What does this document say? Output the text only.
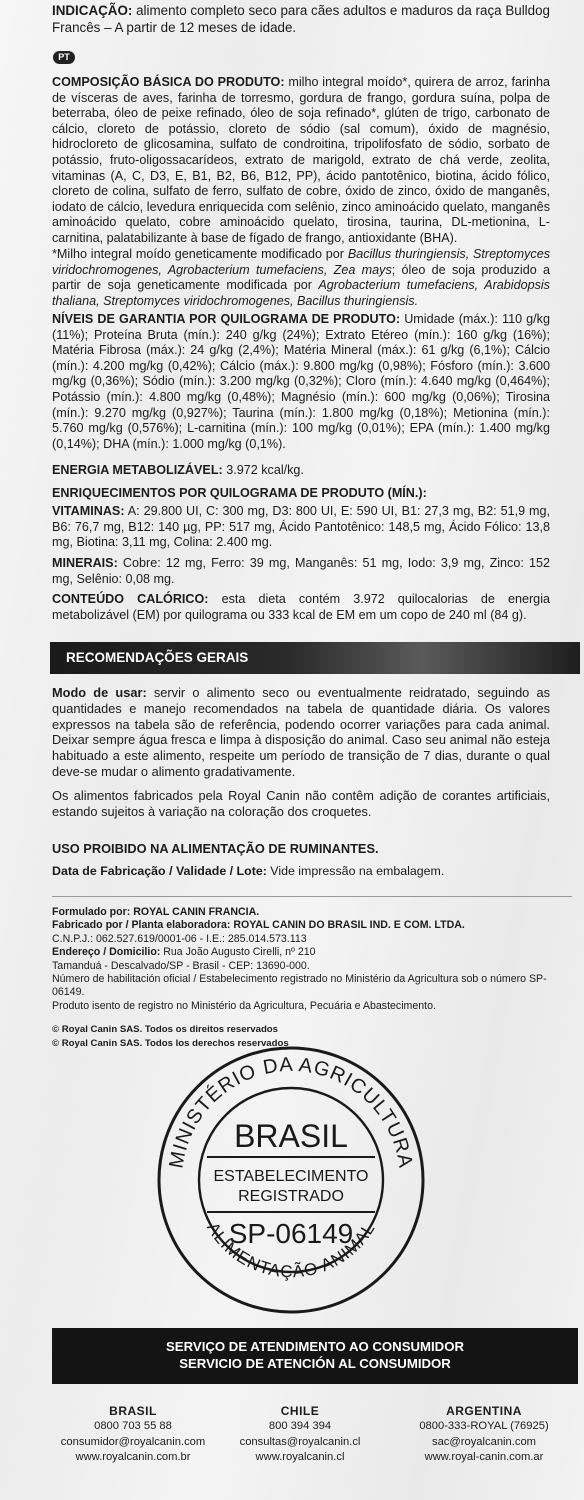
INDICAÇÃO: alimento completo seco para cães adultos e maduros da raça Bulldog Francês – A partir de 12 meses de idade.
PT
COMPOSIÇÃO BÁSICA DO PRODUTO: milho integral moído*, quirera de arroz, farinha de vísceras de aves, farinha de torresmo, gordura de frango, gordura suína, polpa de beterraba, óleo de peixe refinado, óleo de soja refinado*, glúten de trigo, carbonato de cálcio, cloreto de potássio, cloreto de sódio (sal comum), óxido de magnésio, hidrocloreto de glicosamina, sulfato de condroitina, tripolifosfato de sódio, sorbato de potássio, fruto-oligossacarídeos, extrato de marigold, extrato de chá verde, zeolita, vitaminas (A, C, D3, E, B1, B2, B6, B12, PP), ácido pantotênico, biotina, ácido fólico, cloreto de colina, sulfato de ferro, sulfato de cobre, óxido de zinco, óxido de manganês, iodato de cálcio, levedura enriquecida com selênio, zinco aminoácido quelato, manganês aminoácido quelato, cobre aminoácido quelato, tirosina, taurina, DL-metionina, L-carnitina, palatabilizante à base de fígado de frango, antioxidante (BHA).
*Milho integral moído geneticamente modificado por Bacillus thuringiensis, Streptomyces viridochromogenes, Agrobacterium tumefaciens, Zea mays; óleo de soja produzido a partir de soja geneticamente modificada por Agrobacterium tumefaciens, Arabidopsis thaliana, Streptomyces viridochromogenes, Bacillus thuringiensis.
NÍVEIS DE GARANTIA POR QUILOGRAMA DE PRODUTO: Umidade (máx.): 110 g/kg (11%); Proteína Bruta (mín.): 240 g/kg (24%); Extrato Etéreo (mín.): 160 g/kg (16%); Matéria Fibrosa (máx.): 24 g/kg (2,4%); Matéria Mineral (máx.): 61 g/kg (6,1%); Cálcio (mín.): 4.200 mg/kg (0,42%); Cálcio (máx.): 9.800 mg/kg (0,98%); Fósforo (mín.): 3.600 mg/kg (0,36%); Sódio (mín.): 3.200 mg/kg (0,32%); Cloro (mín.): 4.640 mg/kg (0,464%); Potássio (mín.): 4.800 mg/kg (0,48%); Magnésio (mín.): 600 mg/kg (0,06%); Tirosina (mín.): 9.270 mg/kg (0,927%); Taurina (mín.): 1.800 mg/kg (0,18%); Metionina (mín.): 5.760 mg/kg (0,576%); L-carnitina (mín.): 100 mg/kg (0,01%); EPA (mín.): 1.400 mg/kg (0,14%); DHA (mín.): 1.000 mg/kg (0,1%).
ENERGIA METABOLIZÁVEL: 3.972 kcal/kg.
ENRIQUECIMENTOS POR QUILOGRAMA DE PRODUTO (MÍN.):
VITAMINAS: A: 29.800 UI, C: 300 mg, D3: 800 UI, E: 590 UI, B1: 27,3 mg, B2: 51,9 mg, B6: 76,7 mg, B12: 140 µg, PP: 517 mg, Ácido Pantotênico: 148,5 mg, Ácido Fólico: 13,8 mg, Biotina: 3,11 mg, Colina: 2.400 mg.
MINERAIS: Cobre: 12 mg, Ferro: 39 mg, Manganês: 51 mg, Iodo: 3,9 mg, Zinco: 152 mg, Selênio: 0,08 mg.
CONTEÚDO CALÓRICO: esta dieta contém 3.972 quilocalorias de energia metabolizável (EM) por quilograma ou 333 kcal de EM em um copo de 240 ml (84 g).
RECOMENDAÇÕES GERAIS
Modo de usar: servir o alimento seco ou eventualmente reidratado, seguindo as quantidades e manejo recomendados na tabela de quantidade diária. Os valores expressos na tabela são de referência, podendo ocorrer variações para cada animal. Deixar sempre água fresca e limpa à disposição do animal. Caso seu animal não esteja habituado a este alimento, respeite um período de transição de 7 dias, durante o qual deve-se mudar o alimento gradativamente.
Os alimentos fabricados pela Royal Canin não contêm adição de corantes artificiais, estando sujeitos à variação na coloração dos croquetes.
USO PROIBIDO NA ALIMENTAÇÃO DE RUMINANTES.
Data de Fabricação / Validade / Lote: Vide impressão na embalagem.
Formulado por: ROYAL CANIN FRANCIA.
Fabricado por / Planta elaboradora: ROYAL CANIN DO BRASIL IND. E COM. LTDA.
C.N.P.J.: 062.527.619/0001-06 - I.E.: 285.014.573.113
Endereço / Domicilio: Rua João Augusto Cirelli, nº 210
Tamanduá - Descalvado/SP - Brasil - CEP: 13690-000.
Número de habilitación oficial / Estabelecimento registrado no Ministério da Agricultura sob o número SP-06149.
Produto isento de registro no Ministério da Agricultura, Pecuária e Abastecimento.
© Royal Canin SAS. Todos os direitos reservados
© Royal Canin SAS. Todos los derechos reservados
MINISTÉRIO DA AGRICULTURA
ALIMENTAÇÃO ANIMAL
BRASIL
ESTABELECIMENTO
REGISTRADO
SP-06149
SERVIÇO DE ATENDIMENTO AO CONSUMIDOR
SERVICIO DE ATENCIÓN AL CONSUMIDOR
BRASIL
0800 703 55 88
consumidor@royalcanin.com
www.royalcanin.com.br
CHILE
800 394 394
consultas@royalcanin.cl
www.royalcanin.cl
ARGENTINA
0800-333-ROYAL (76925)
sac@royalcanin.com
www.royal-canin.com.ar
